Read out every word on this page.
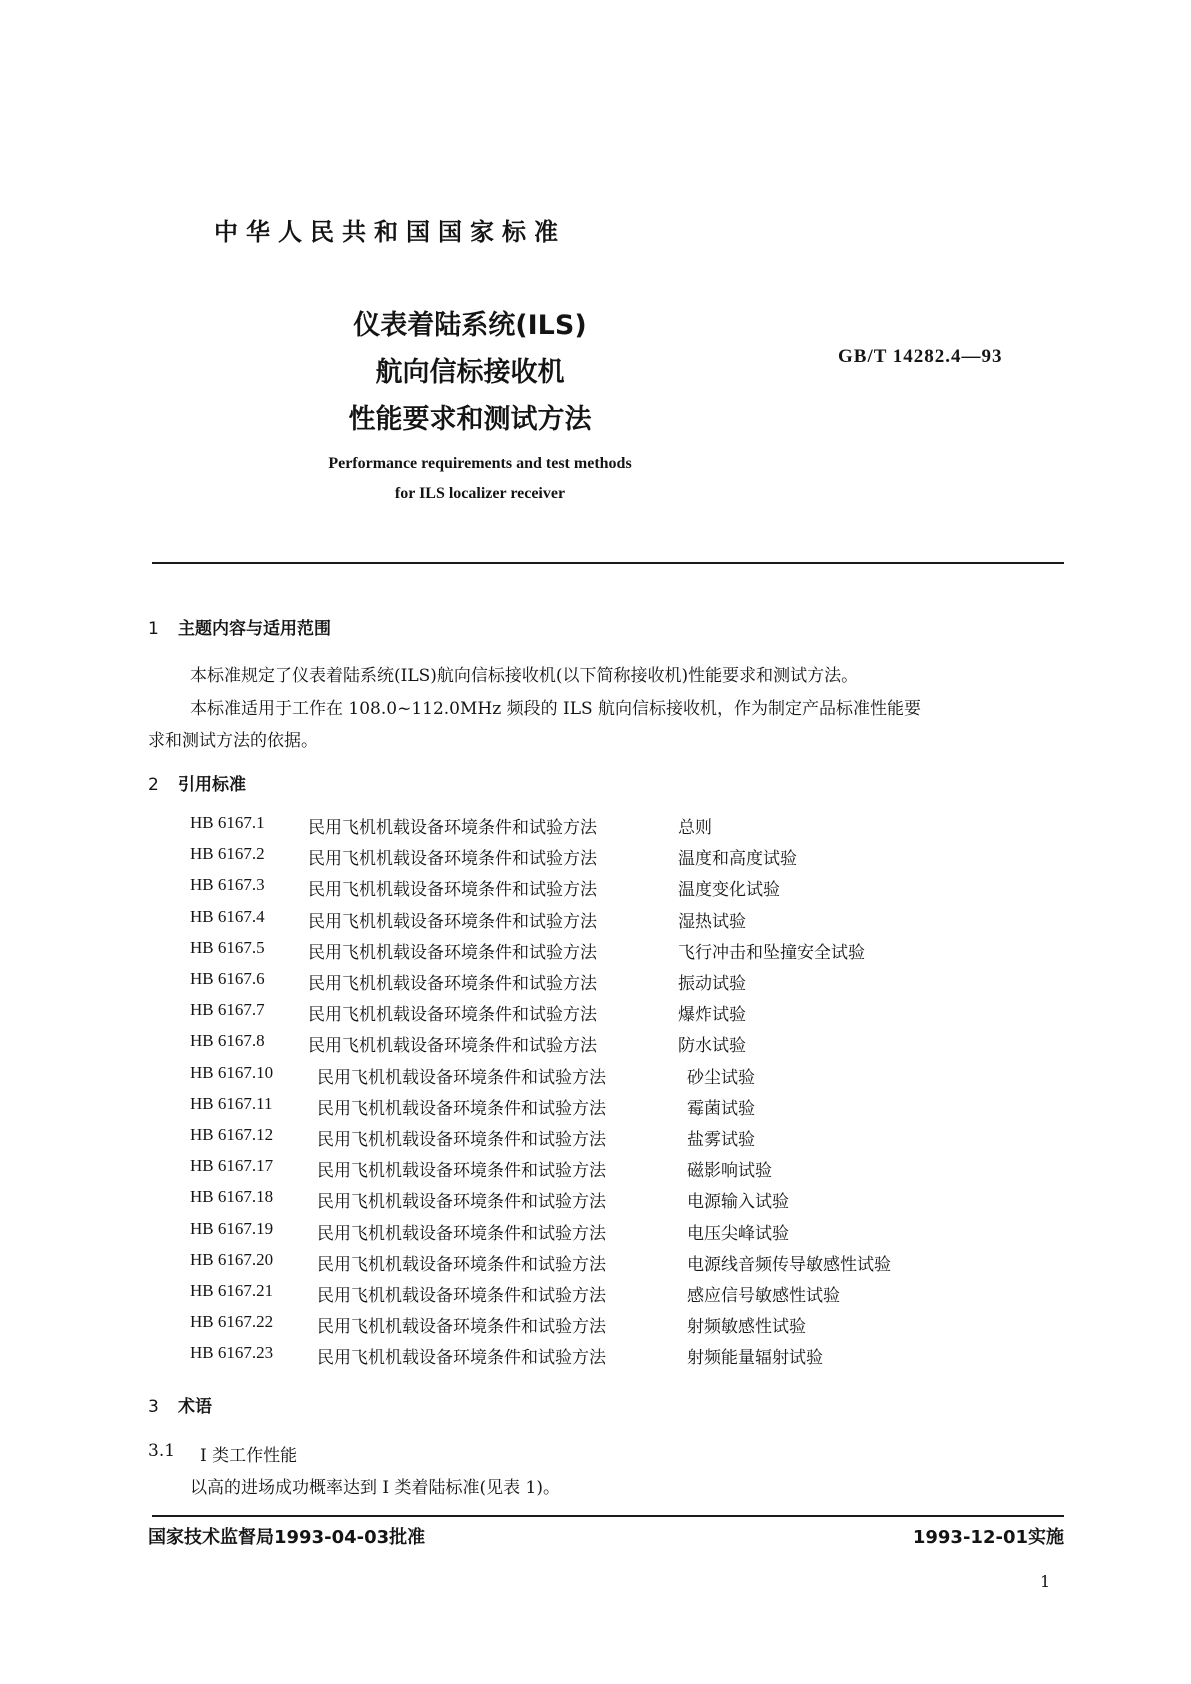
中华人民共和国国家标准
仪表着陆系统(ILS)
航向信标接收机
性能要求和测试方法
GB/T 14282.4—93
Performance requirements and test methods
for ILS localizer receiver
1 主题内容与适用范围
本标准规定了仪表着陆系统(ILS)航向信标接收机(以下简称接收机)性能要求和测试方法。
本标准适用于工作在 108.0~112.0MHz 频段的 ILS 航向信标接收机，作为制定产品标准性能要
求和测试方法的依据。
2 引用标准
HB 6167.1	民用飞机机载设备环境条件和试验方法	总则
HB 6167.2	民用飞机机载设备环境条件和试验方法	温度和高度试验
HB 6167.3	民用飞机机载设备环境条件和试验方法	温度变化试验
HB 6167.4	民用飞机机载设备环境条件和试验方法	湿热试验
HB 6167.5	民用飞机机载设备环境条件和试验方法	飞行冲击和坠撞安全试验
HB 6167.6	民用飞机机载设备环境条件和试验方法	振动试验
HB 6167.7	民用飞机机载设备环境条件和试验方法	爆炸试验
HB 6167.8	民用飞机机载设备环境条件和试验方法	防水试验
HB 6167.10	民用飞机机载设备环境条件和试验方法	砂尘试验
HB 6167.11	民用飞机机载设备环境条件和试验方法	霉菌试验
HB 6167.12	民用飞机机载设备环境条件和试验方法	盐雾试验
HB 6167.17	民用飞机机载设备环境条件和试验方法	磁影响试验
HB 6167.18	民用飞机机载设备环境条件和试验方法	电源输入试验
HB 6167.19	民用飞机机载设备环境条件和试验方法	电压尖峰试验
HB 6167.20	民用飞机机载设备环境条件和试验方法	电源线音频传导敏感性试验
HB 6167.21	民用飞机机载设备环境条件和试验方法	感应信号敏感性试验
HB 6167.22	民用飞机机载设备环境条件和试验方法	射频敏感性试验
HB 6167.23	民用飞机机载设备环境条件和试验方法	射频能量辐射试验
3 术语
3.1 I 类工作性能
以高的进场成功概率达到 I 类着陆标准(见表 1)。
国家技术监督局1993-04-03批准	1993-12-01实施
1
